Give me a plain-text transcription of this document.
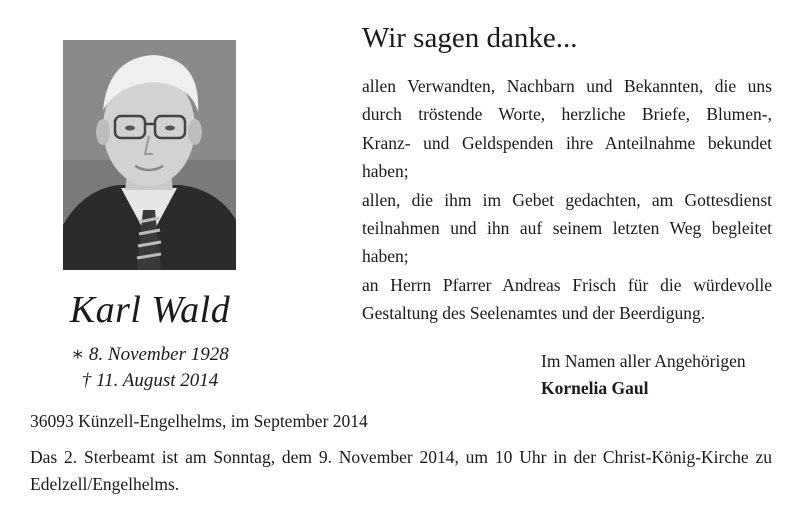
Karl Wald
∗ 8. November 1928
† 11. August 2014
Wir sagen danke...

allen Verwandten, Nachbarn und Bekannten, die uns

durch tröstende Worte, herzliche Briefe, Blumen-,

Kranz- und Geldspenden ihre Anteilnahme bekundet

haben;

allen, die ihm im Gebet gedachten, am Gottesdienst

teilnahmen und ihn auf seinem letzten Weg begleitet

haben;

an Herrn Pfarrer Andreas Frisch für die würdevolle

Gestaltung des Seelenamtes und der Beerdigung.

Im Namen aller Angehörigen
Kornelia Gaul
36093 Künzell-Engelhelms, im September 2014

Das 2. Sterbeamt ist am Sonntag, dem 9. November 2014, um 10 Uhr in der Christ-König-Kirche zu Edelzell/Engelhelms.
